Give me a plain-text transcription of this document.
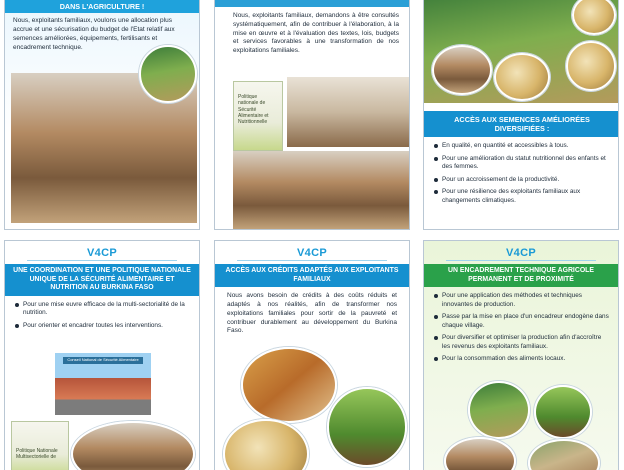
DANS L'AGRICULTURE !
Nous, exploitants familiaux, voulons une allocation plus accrue et une sécurisation du budget de l'Etat relatif aux semences améliorées, équipements, fertilisants et encadrement technique.
Nous, exploitants familiaux, demandons à être consultés systématiquement, afin de contribuer à l'élaboration, à la mise en œuvre et à l'évaluation des textes, lois, budgets et services favorables à une transformation de nos exploitations familiales.
Politique nationale de Sécurité Alimentaire et Nutritionnelle	ACCÈS AUX SEMENCES AMÉLIORÉES DIVERSIFIÉES :
En qualité, en quantité et accessibles à tous.
Pour une amélioration du statut nutritionnel des enfants et des femmes.
Pour un accroissement de la productivité.
Pour une résilience des exploitants familiaux aux changements climatiques.
V4CP
UNE COORDINATION ET UNE POLITIQUE NATIONALE UNIQUE DE LA SÉCURITÉ ALIMENTAIRE ET NUTRITION AU BURKINA FASO
Pour une mise euvre efficace de la multi-sectorialité de la nutrition.
Pour orienter et encadrer toutes les interventions.
Conseil National de Sécurité Alimentaire
Politique Nationale Multisectorielle de
V4CP
ACCÈS AUX CRÉDITS ADAPTÉS AUX EXPLOITANTS FAMILIAUX
Nous avons besoin de crédits à des coûts réduits et adaptés à nos réalités, afin de transformer nos exploitations familiales pour sortir de la pauvreté et contribuer durablement au développement du Burkina Faso.
V4CP
UN ENCADREMENT TECHNIQUE AGRICOLE PERMANENT ET DE PROXIMITÉ
Pour une application des méthodes et techniques innovantes de production.
Passe par la mise en place d'un encadreur endogène dans chaque village.
Pour diversifier et optimiser la production afin d'accroître les revenus des exploitants familiaux.
Pour la consommation des aliments locaux.
